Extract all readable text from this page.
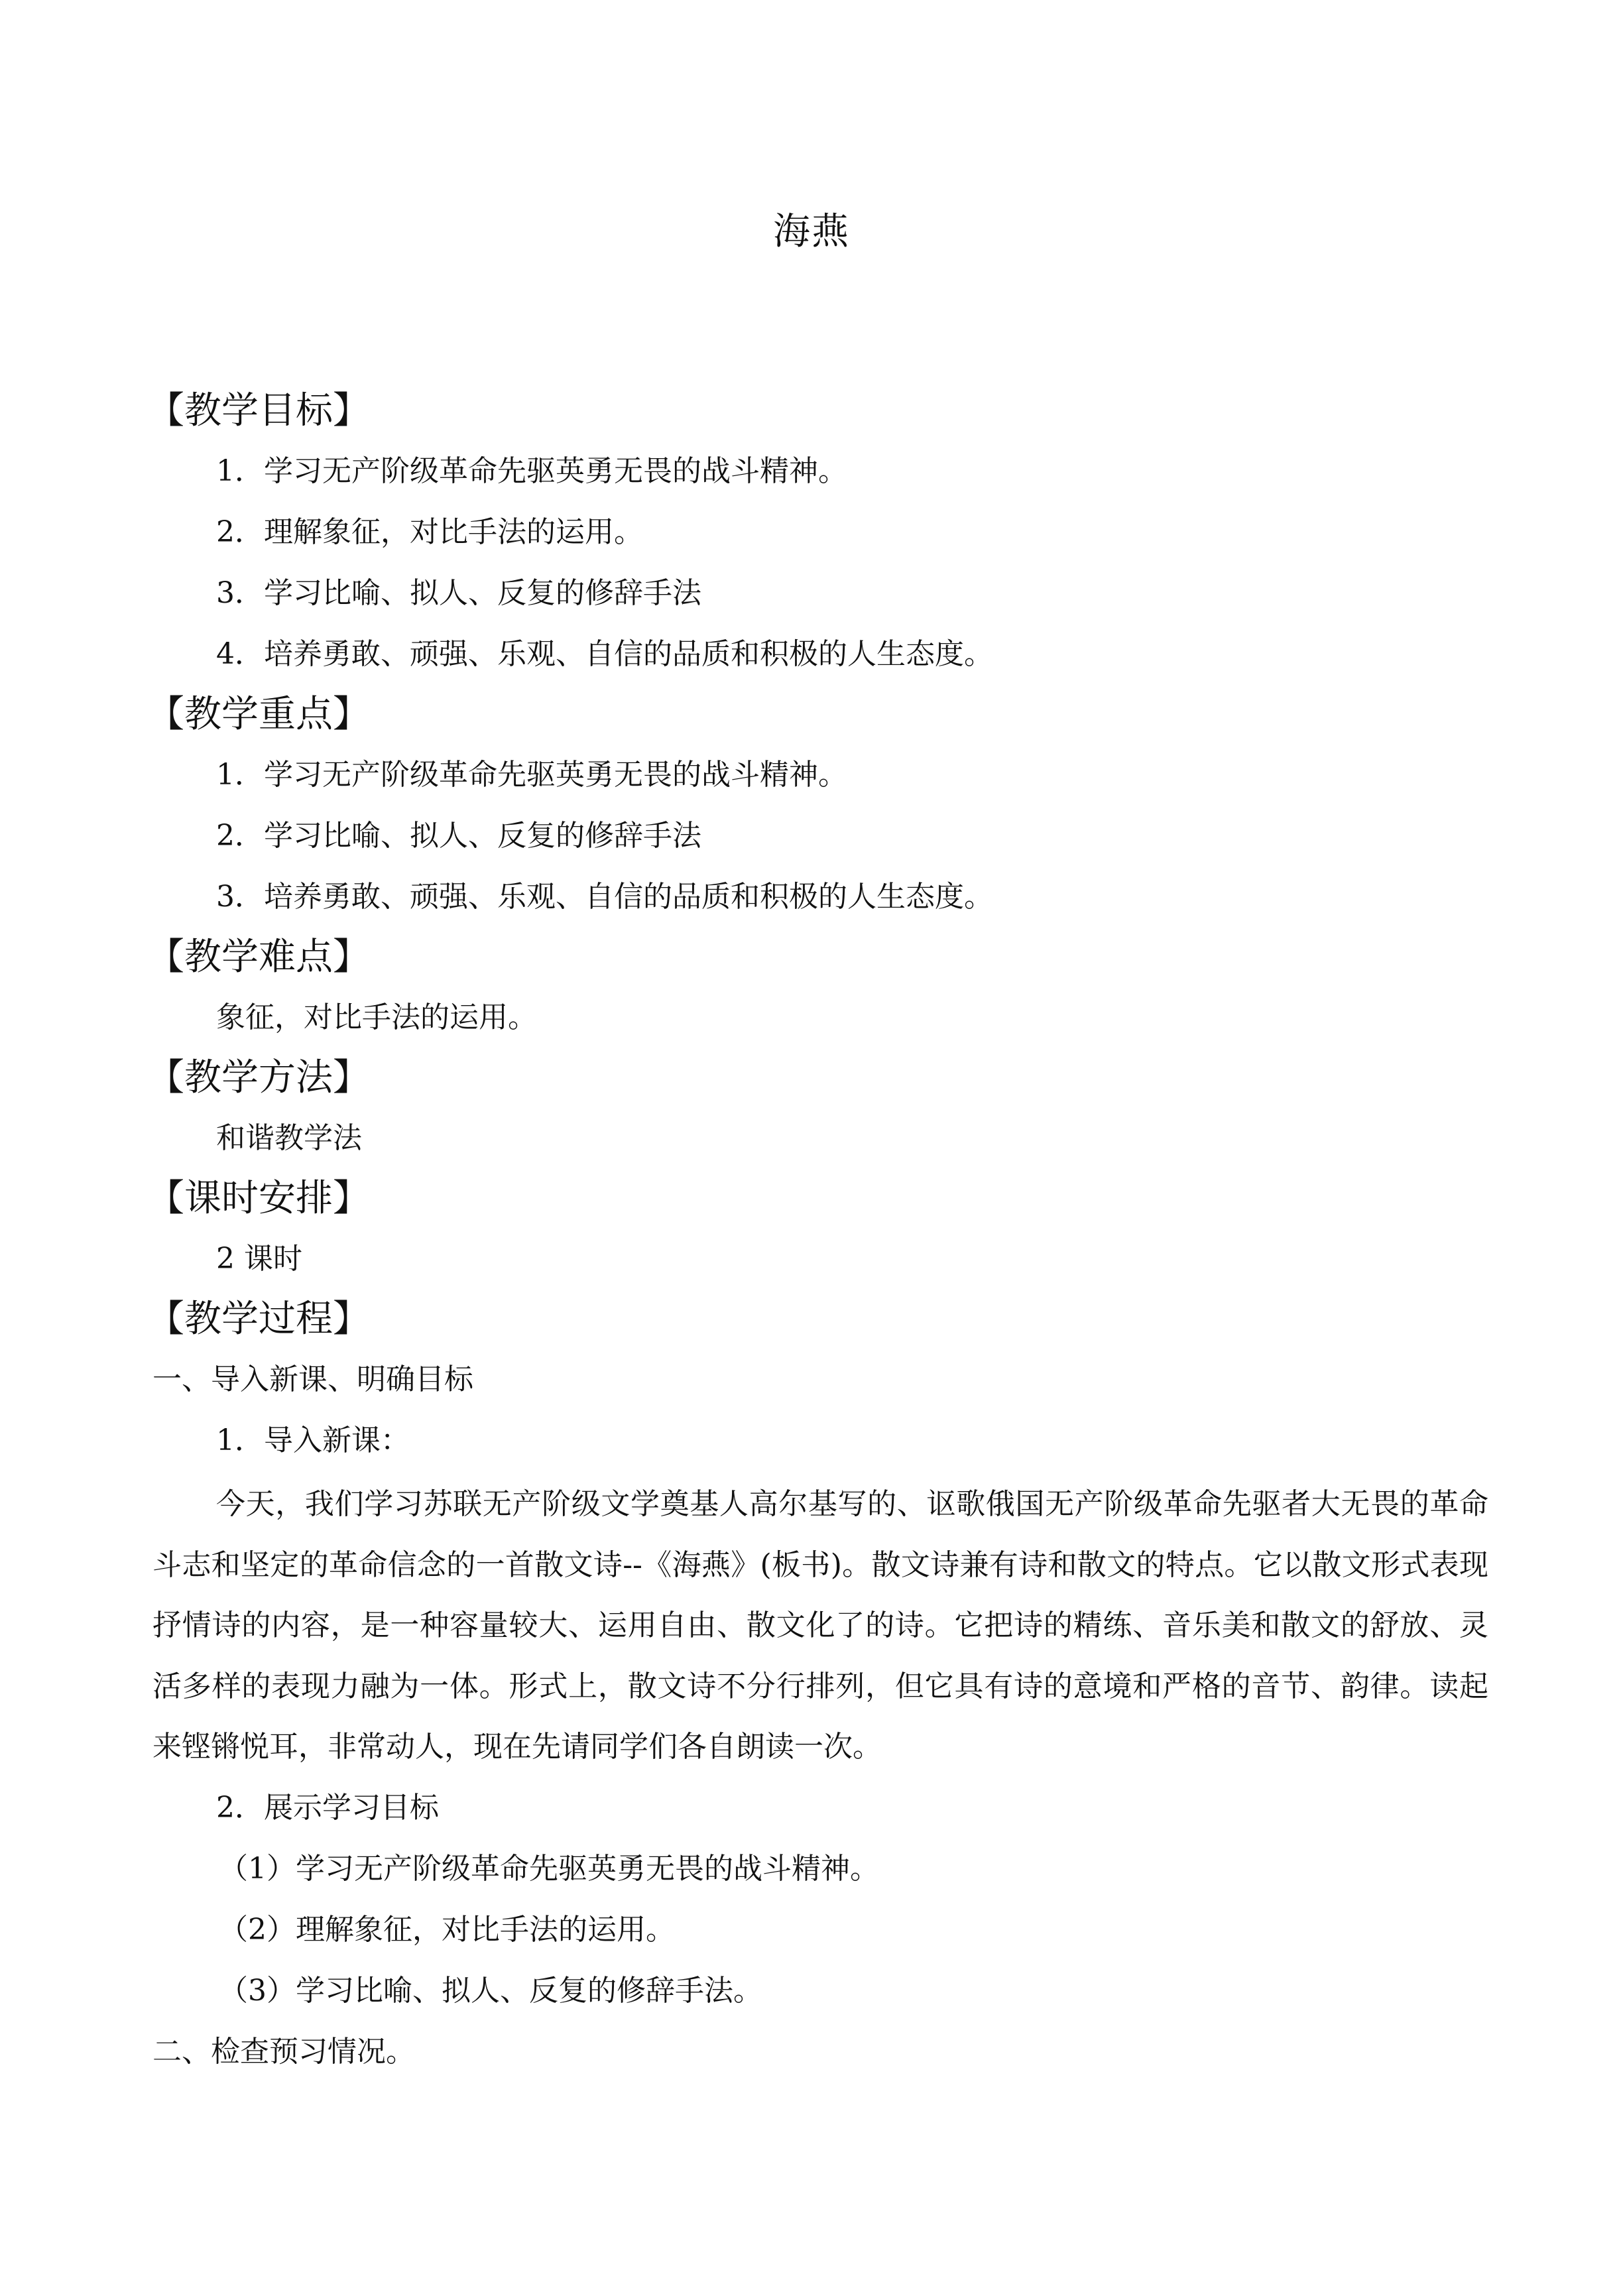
海燕
【教学目标】
1．学习无产阶级革命先驱英勇无畏的战斗精神。
2．理解象征，对比手法的运用。
3．学习比喻、拟人、反复的修辞手法
4．培养勇敢、顽强、乐观、自信的品质和积极的人生态度。
【教学重点】
1．学习无产阶级革命先驱英勇无畏的战斗精神。
2．学习比喻、拟人、反复的修辞手法
3．培养勇敢、顽强、乐观、自信的品质和积极的人生态度。
【教学难点】
象征，对比手法的运用。
【教学方法】
和谐教学法
【课时安排】
2 课时
【教学过程】
一、导入新课、明确目标
1．导入新课：

今天，我们学习苏联无产阶级文学奠基人高尔基写的、讴歌俄国无产阶级革命先驱者大无畏的革命斗志和坚定的革命信念的一首散文诗--《海燕》(板书)。散文诗兼有诗和散文的特点。它以散文形式表现抒情诗的内容，是一种容量较大、运用自由、散文化了的诗。它把诗的精练、音乐美和散文的舒放、灵活多样的表现力融为一体。形式上，散文诗不分行排列，但它具有诗的意境和严格的音节、韵律。读起来铿锵悦耳，非常动人，现在先请同学们各自朗读一次。

2．展示学习目标
（1）学习无产阶级革命先驱英勇无畏的战斗精神。
（2）理解象征，对比手法的运用。
（3）学习比喻、拟人、反复的修辞手法。
二、检查预习情况。
